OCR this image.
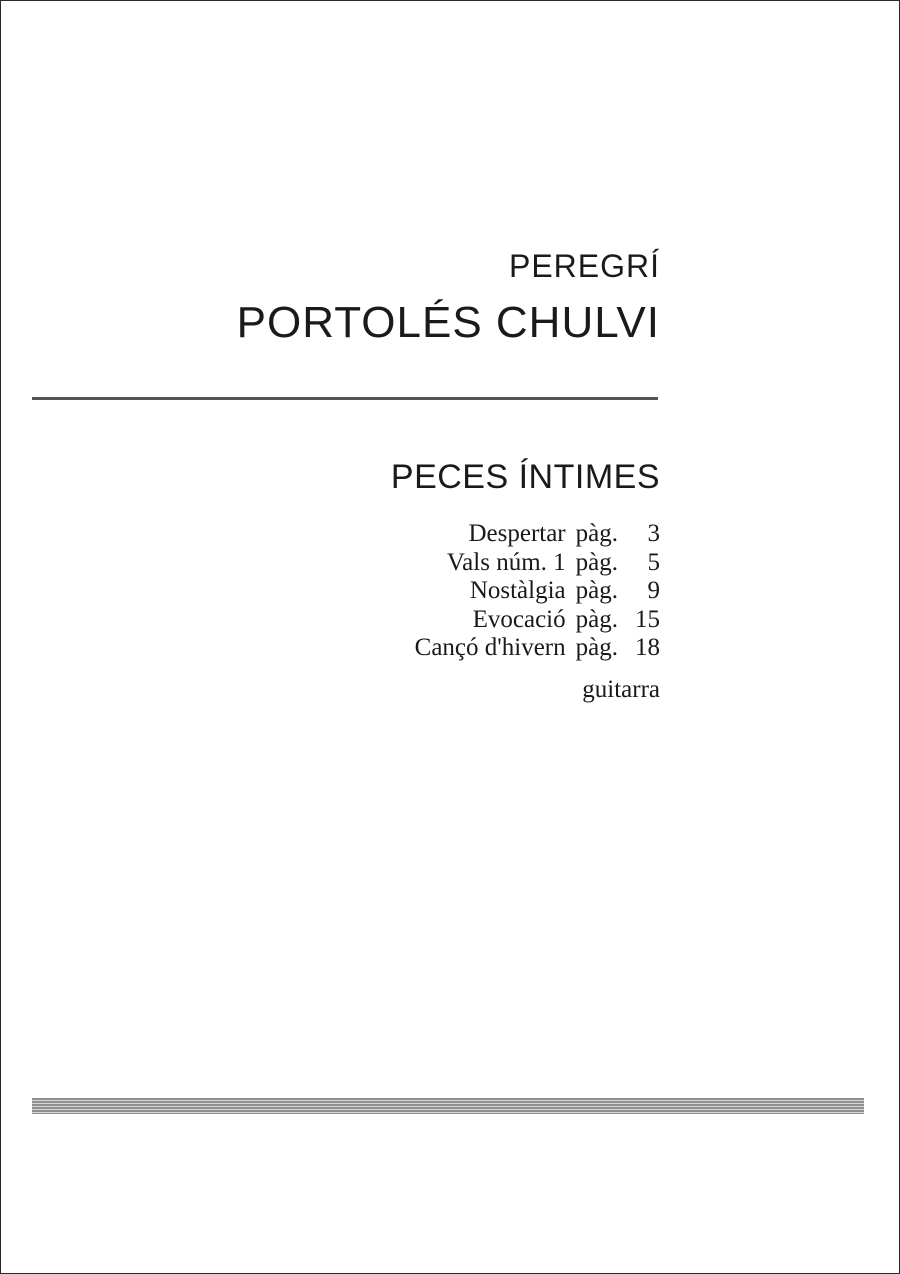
PEREGRÍ
PORTOLÉS CHULVI
PECES ÍNTIMES
Despertar	pàg.	3
Vals núm. 1	pàg.	5
Nostàlgia	pàg.	9
Evocació	pàg.	15
Cançó d'hivern	pàg.	18
guitarra
